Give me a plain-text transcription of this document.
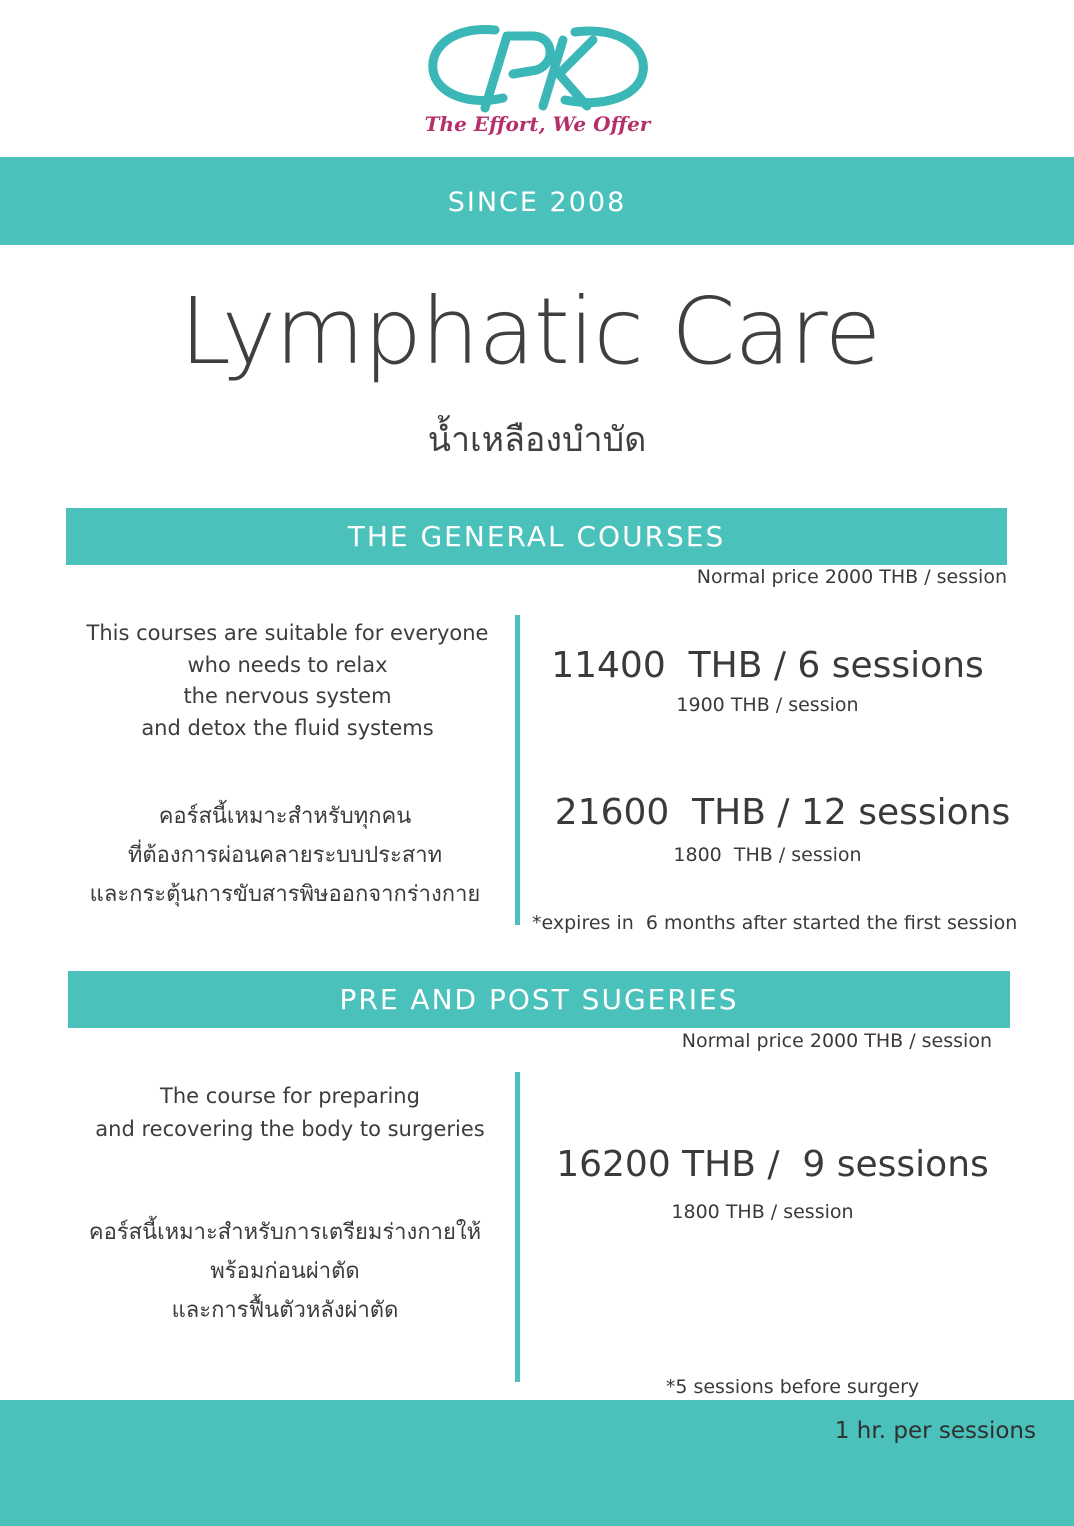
The Effort, We Offer
SINCE 2008
Lymphatic Care
น้ำเหลืองบำบัด
THE GENERAL COURSES
Normal price 2000 THB / session
This courses are suitable for everyone
who needs to relax
the nervous system
and detox the fluid systems
คอร์สนี้เหมาะสำหรับทุกคน
ที่ต้องการผ่อนคลายระบบประสาท
และกระตุ้นการขับสารพิษออกจากร่างกาย
11400  THB / 6 sessions
1900 THB / session
21600  THB / 12 sessions
1800  THB / session
*expires in  6 months after started the first session
PRE AND POST SUGERIES
Normal price 2000 THB / session
The course for preparing
and recovering the body to surgeries
คอร์สนี้เหมาะสำหรับการเตรียมร่างกายให้
พร้อมก่อนผ่าตัด
และการฟื้นตัวหลังผ่าตัด
16200 THB /  9 sessions
1800 THB / session

*5 sessions before surgery

1 hr. per sessions
